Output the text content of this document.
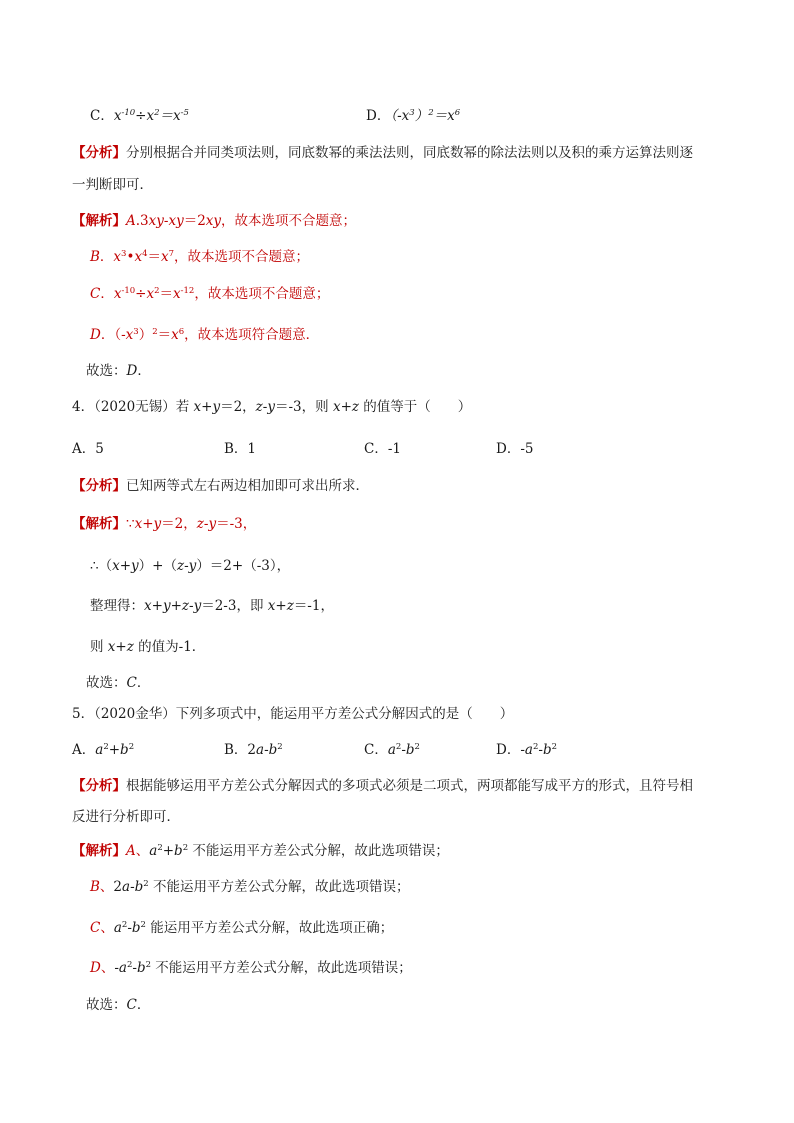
C．$x^{-10}\div x^2=x^{-5}$	D．$(-x^3)^2=x^6$
【分析】分别根据合并同类项法则，同底数幂的乘法法则，同底数幂的除法法则以及积的乘方运算法则逐
一判断即可．
【解析】A.3xy-xy＝2xy，故本选项不合题意；
B．$x^3•x^4=x^7$，故本选项不合题意；
C．$x^{-10}\div x^2=x^{-12}$，故本选项不合题意；
D．$(-x^3)^2=x^6$，故本选项符合题意．
故选：D．
4．（2020无锡）若 x+y＝2，z-y＝-3，则 x+z 的值等于（　　）
A．5	B．1	C．-1	D．-5
【分析】已知两等式左右两边相加即可求出所求．
【解析】∵x+y＝2，z-y＝-3，
∴（x+y）+（z-y）＝2+（-3），
整理得：x+y+z-y＝2-3，即 x+z＝-1，
则 x+z 的值为-1．
故选：C．
5．（2020金华）下列多项式中，能运用平方差公式分解因式的是（　　）
A．$a^2+b^2$	B．$2a-b^2$	C．$a^2-b^2$	D．$-a^2-b^2$
【分析】根据能够运用平方差公式分解因式的多项式必须是二项式，两项都能写成平方的形式，且符号相
反进行分析即可．
【解析】A、$a^2+b^2$ 不能运用平方差公式分解，故此选项错误；
B、$2a-b^2$ 不能运用平方差公式分解，故此选项错误；
C、$a^2-b^2$ 能运用平方差公式分解，故此选项正确；
D、$-a^2-b^2$ 不能运用平方差公式分解，故此选项错误；
故选：C．
